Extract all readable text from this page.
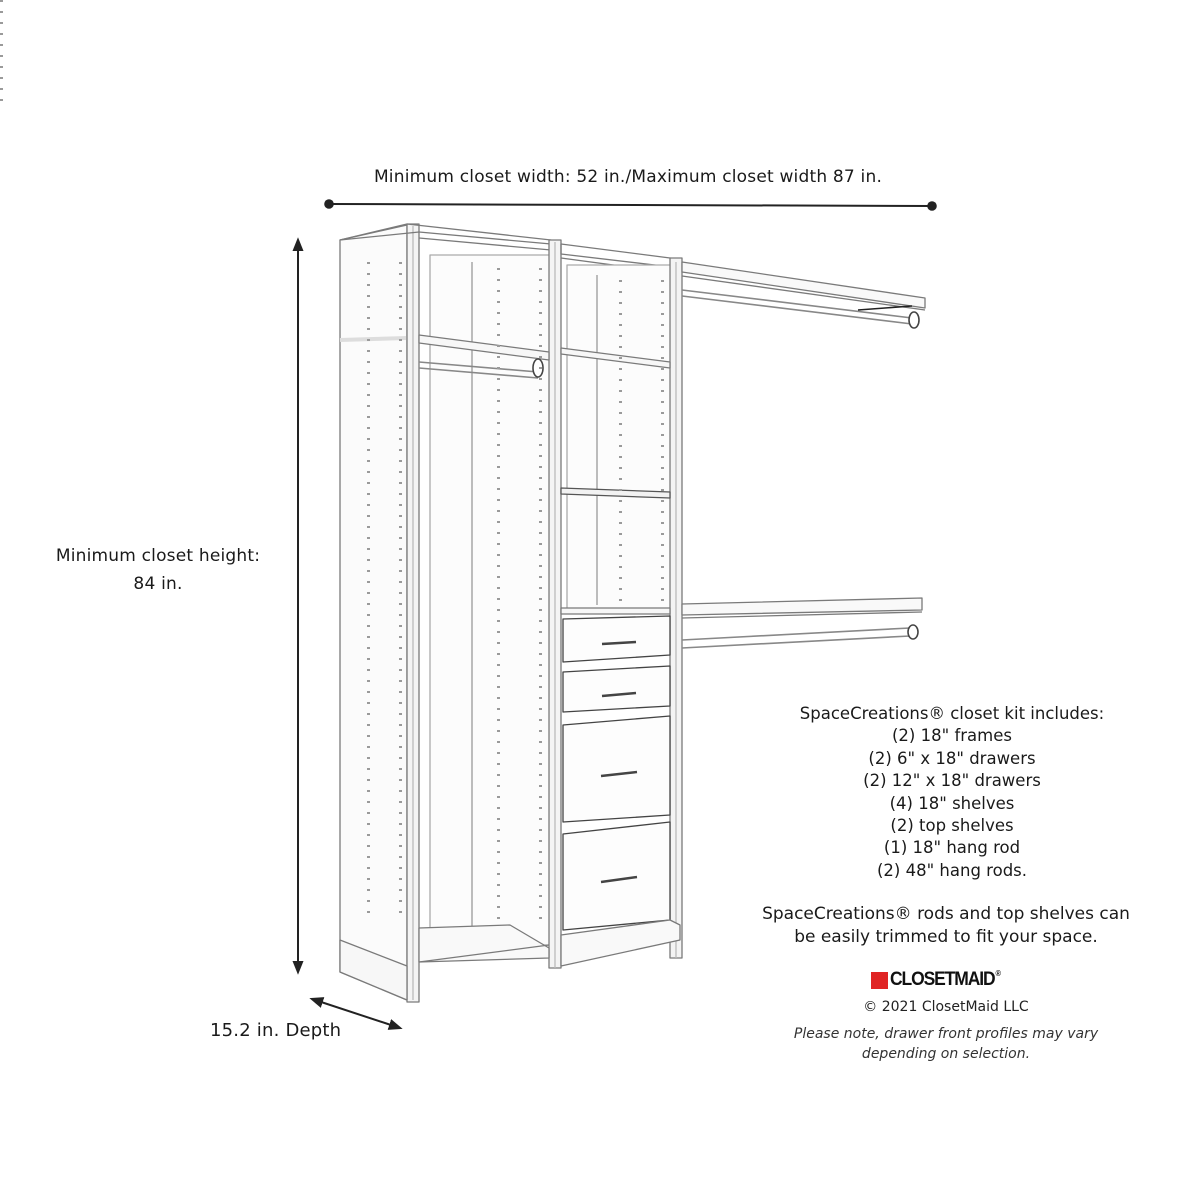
Minimum closet width: 52 in./Maximum closet width 87 in.
Minimum closet height:
84 in.
15.2 in. Depth
SpaceCreations® closet kit includes:
(2) 18" frames
(2) 6" x 18" drawers
(2) 12" x 18" drawers
(4) 18" shelves
(2) top shelves
(1) 18" hang rod
(2) 48" hang rods.
SpaceCreations® rods and top shelves can
be easily trimmed to fit your space.
CLOSETMAID®
© 2021 ClosetMaid LLC
Please note, drawer front profiles may vary
depending on selection.
